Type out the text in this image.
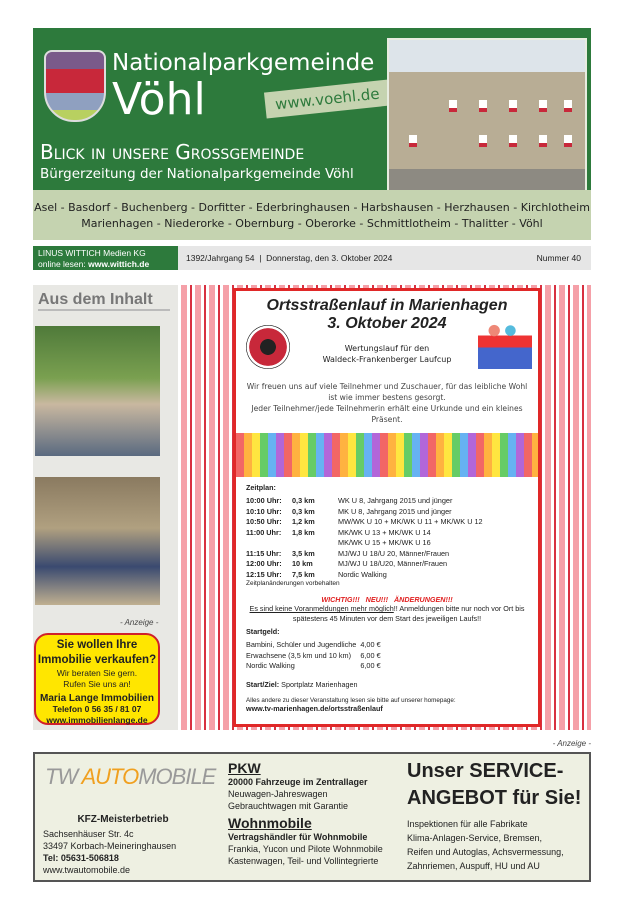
Nationalparkgemeinde
Vöhl	www.voehl.de
Blick in unsere Grossgemeinde
Bürgerzeitung der Nationalparkgemeinde Vöhl
Asel - Basdorf - Buchenberg - Dorfitter - Ederbringhausen - Harbshausen - Herzhausen - Kirchlotheim
Marienhagen - Niederorke - Obernburg - Oberorke - Schmittlotheim - Thalitter - Vöhl
LINUS WITTICH Medien KG
online lesen: www.wittich.de
1392/Jahrgang 54  |  Donnerstag, den 3. Oktober 2024	Nummer 40
Aus dem Inhalt
- Anzeige -
Sie wollen Ihre
Immobilie verkaufen?
Wir beraten Sie gern.
Rufen Sie uns an!
Maria Lange Immobilien
Telefon 0 56 35 / 81 07
www.immobilienlange.de
Ortsstraßenlauf in Marienhagen
3. Oktober 2024
Wertungslauf für den
Waldeck-Frankenberger Laufcup
Wir freuen uns auf viele Teilnehmer und Zuschauer, für das leibliche Wohl ist wie immer bestens gesorgt.
Jeder Teilnehmer/jede Teilnehmerin erhält eine Urkunde und ein kleines Präsent.
Zeitplan:
10:00 Uhr:	0,3 km	WK U 8, Jahrgang 2015 und jünger
10:10 Uhr:	0,3 km	MK U 8, Jahrgang 2015 und jünger
10:50 Uhr:	1,2 km	MW/WK U 10 + MK/WK U 11 + MK/WK U 12
11:00 Uhr:	1,8 km	MK/WK U 13 + MK/WK U 14
		MK/WK U 15 + MK/WK U 16
11:15 Uhr:	3,5 km	MJ/WJ U 18/U 20, Männer/Frauen
12:00 Uhr:	10 km	MJ/WJ U 18/U20, Männer/Frauen
12:15 Uhr:	7,5 km	Nordic Walking
Zeitplanänderungen vorbehalten
WICHTIG!!!   NEU!!!   ÄNDERUNGEN!!!
Es sind keine Voranmeldungen mehr möglich!! Anmeldungen bitte nur noch vor Ort bis spätestens 45 Minuten vor dem Start des jeweiligen Laufs!!
Startgeld:
Bambini, Schüler und Jugendliche	4,00 €
Erwachsene (3,5 km und 10 km)	6,00 €
Nordic Walking	6,00 €
Start/Ziel: Sportplatz Marienhagen
Alles andere zu dieser Veranstaltung lesen sie bitte auf unserer homepage:
www.tv-marienhagen.de/ortsstraßenlauf
- Anzeige -
TW AUTOMOBILE
KFZ-Meisterbetrieb
Sachsenhäuser Str. 4c
33497 Korbach-Meineringhausen
Tel: 05631-506818
www.twautomobile.de
PKW
20000 Fahrzeuge im Zentrallager
Neuwagen-Jahreswagen
Gebrauchtwagen mit Garantie
Wohnmobile
Vertragshändler für Wohnmobile
Frankia, Yucon und Pilote Wohnmobile
Kastenwagen, Teil- und Vollintegrierte
Unser SERVICE-
ANGEBOT für Sie!
Inspektionen für alle Fabrikate
Klima-Anlagen-Service, Bremsen,
Reifen und Autoglas, Achsvermessung,
Zahnriemen, Auspuff, HU und AU
